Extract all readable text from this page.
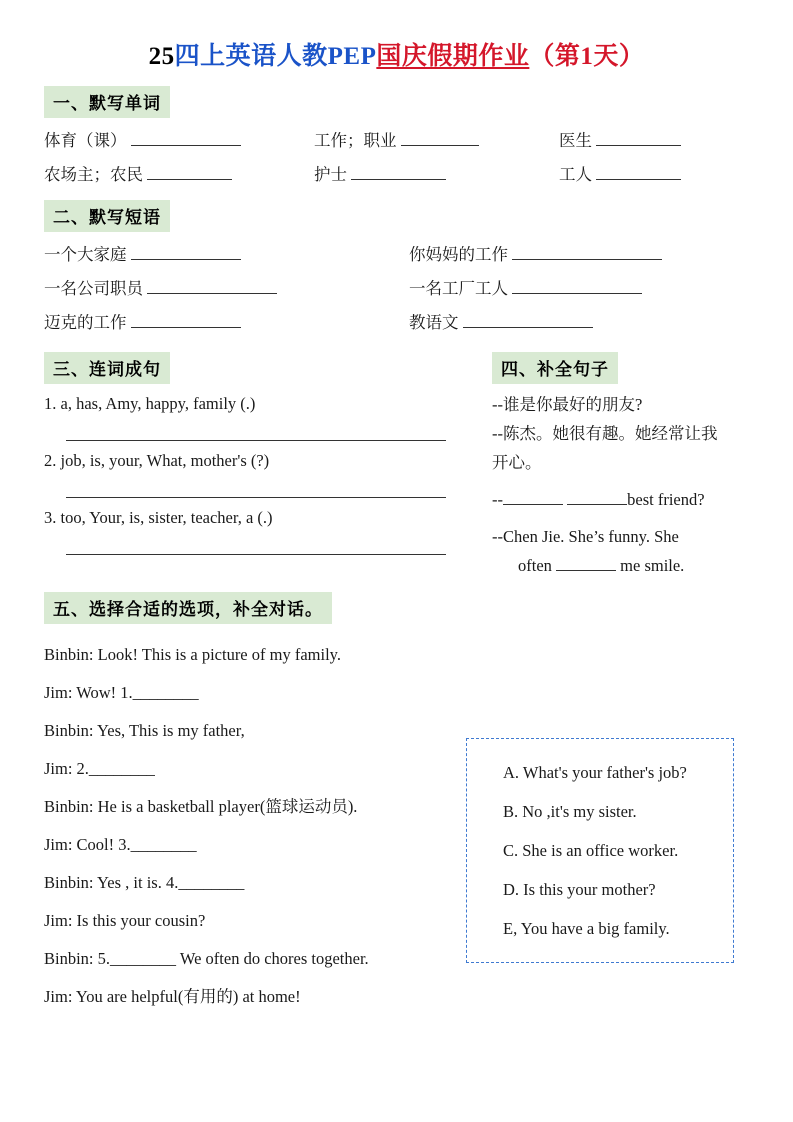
25四上英语人教PEP国庆假期作业（第1天）
一、默写单词
体育（课）	工作；职业	医生
农场主；农民	护士	工人
二、默写短语
一个大家庭	你妈妈的工作
一名公司职员	一名工厂工人
迈克的工作	教语文
三、连词成句
1. a, has, Amy, happy, family (.)
2. job, is, your, What, mother's (?)
3. too, Your, is, sister, teacher, a (.)
四、补全句子
--谁是你最好的朋友?
--陈杰。她很有趣。她经常让我
开心。
--	best friend?
--Chen Jie. She’s funny. She
often	me smile.
五、选择合适的选项，补全对话。
Binbin: Look! This is a picture of my family.
Jim: Wow! 1.________
Binbin: Yes, This is my father,
Jim: 2.________
Binbin: He is a basketball player(篮球运动员).
Jim: Cool! 3.________
Binbin: Yes , it is. 4.________
Jim: Is this your cousin?
Binbin: 5.________ We often do chores together.
Jim: You are helpful(有用的) at home!
A. What's your father's job?
B. No ,it's my sister.
C. She is an office worker.
D. Is this your mother?
E, You have a big family.
